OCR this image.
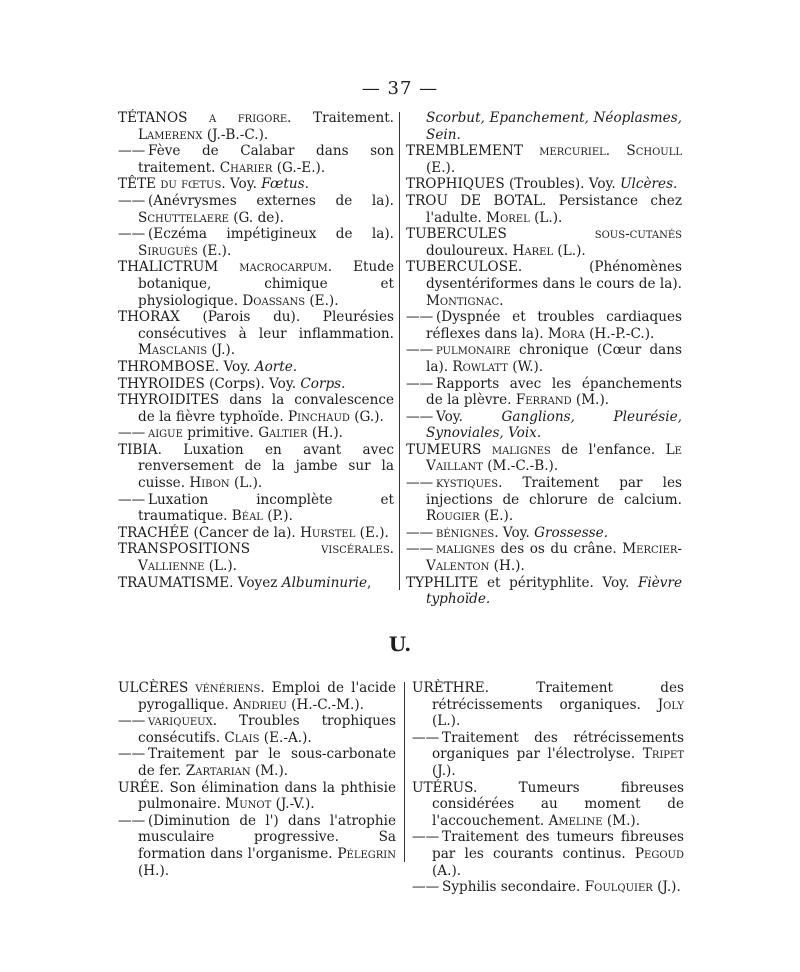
— 37 —

TÉTANOS a frigore. Traitement. Lamerenx (J.-B.-C.).

—— Fève de Calabar dans son traitement. Charier (G.-E.).

TÊTE du fœtus. Voy. Fœtus.

—— (Anévrysmes externes de la). Schuttelaere (G. de).

—— (Eczéma impétigineux de la). Siruguès (E.).

THALICTRUM macrocarpum. Etude botanique, chimique et physiologique. Doassans (E.).

THORAX (Parois du). Pleurésies consécutives à leur inflammation. Masclanis (J.).

THROMBOSE. Voy. Aorte.

THYROIDES (Corps). Voy. Corps.

THYROIDITES dans la convalescence de la fièvre typhoïde. Pinchaud (G.).

—— aigue primitive. Galtier (H.).

TIBIA. Luxation en avant avec renversement de la jambe sur la cuisse. Hibon (L.).

—— Luxation incomplète et traumatique. Béal (P.).

TRACHÉE (Cancer de la). Hurstel (E.).

TRANSPOSITIONS viscérales. Vallienne (L.).

TRAUMATISME. Voyez Albuminurie,

Scorbut, Epanchement, Néoplasmes, Sein.

TREMBLEMENT mercuriel. Schoull (E.).

TROPHIQUES (Troubles). Voy. Ulcères.

TROU DE BOTAL. Persistance chez l'adulte. Morel (L.).

TUBERCULES sous-cutanés douloureux. Harel (L.).

TUBERCULOSE. (Phénomènes dysentériformes dans le cours de la). Montignac.

—— (Dyspnée et troubles cardiaques réflexes dans la). Mora (H.-P.-C.).

—— pulmonaire chronique (Cœur dans la). Rowlatt (W.).

—— Rapports avec les épanchements de la plèvre. Ferrand (M.).

—— Voy. Ganglions, Pleurésie, Synoviales, Voix.

TUMEURS malignes de l'enfance. Le Vaillant (M.-C.-B.).

—— kystiques. Traitement par les injections de chlorure de calcium. Rougier (E.).

—— bénignes. Voy. Grossesse.

—— malignes des os du crâne. Mercier-Valenton (H.).

TYPHLITE et pérityphlite. Voy. Fièvre typhoïde.

U.

ULCÈRES vénériens. Emploi de l'acide pyrogallique. Andrieu (H.-C.-M.).

—— variqueux. Troubles trophiques consécutifs. Clais (E.-A.).

—— Traitement par le sous-carbonate de fer. Zartarian (M.).

URÉE. Son élimination dans la phthisie pulmonaire. Munot (J.-V.).

—— (Diminution de l') dans l'atrophie musculaire progressive. Sa formation dans l'organisme. Pélegrin (H.).

URÈTHRE. Traitement des rétrécissements organiques. Joly (L.).

—— Traitement des rétrécissements organiques par l'électrolyse. Tripet (J.).

UTÉRUS. Tumeurs fibreuses considérées au moment de l'accouchement. Ameline (M.).

—— Traitement des tumeurs fibreuses par les courants continus. Pegoud (A.).

—— Syphilis secondaire. Foulquier (J.).
